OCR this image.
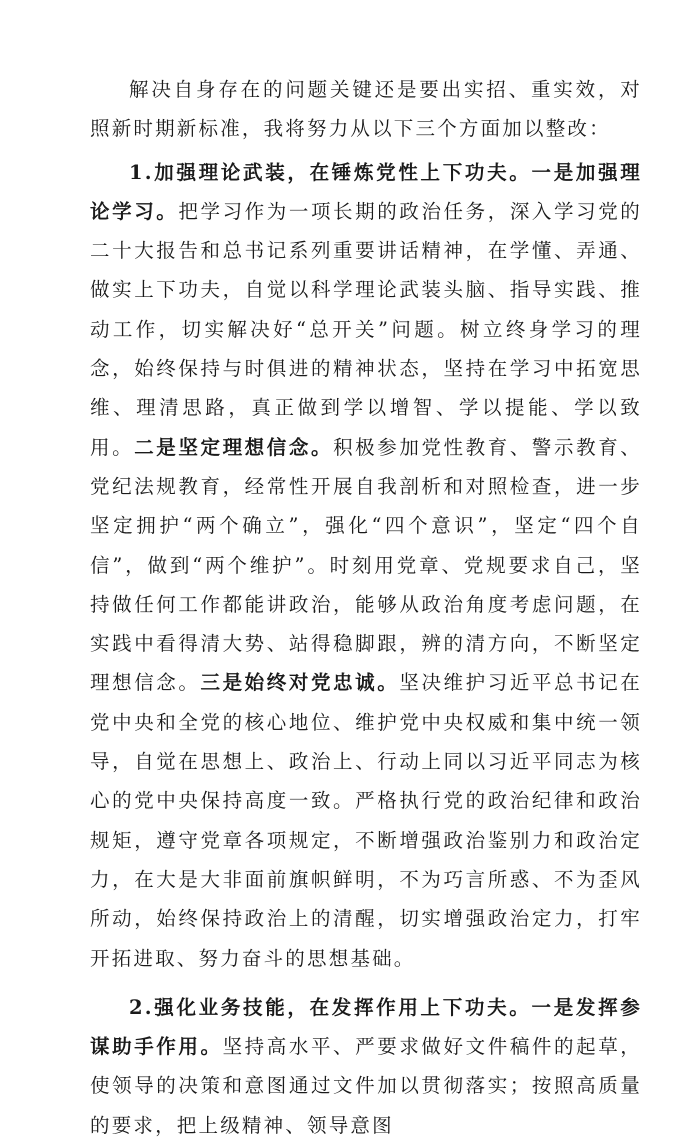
解决自身存在的问题关键还是要出实招、重实效，对照新时期新标准，我将努力从以下三个方面加以整改：

1.加强理论武装，在锤炼党性上下功夫。一是加强理论学习。把学习作为一项长期的政治任务，深入学习党的二十大报告和总书记系列重要讲话精神，在学懂、弄通、做实上下功夫，自觉以科学理论武装头脑、指导实践、推动工作，切实解决好“总开关”问题。树立终身学习的理念，始终保持与时俱进的精神状态，坚持在学习中拓宽思维、理清思路，真正做到学以增智、学以提能、学以致用。二是坚定理想信念。积极参加党性教育、警示教育、党纪法规教育，经常性开展自我剖析和对照检查，进一步坚定拥护“两个确立”，强化“四个意识”，坚定“四个自信”，做到“两个维护”。时刻用党章、党规要求自己，坚持做任何工作都能讲政治，能够从政治角度考虑问题，在实践中看得清大势、站得稳脚跟，辨的清方向，不断坚定理想信念。三是始终对党忠诚。坚决维护习近平总书记在党中央和全党的核心地位、维护党中央权威和集中统一领导，自觉在思想上、政治上、行动上同以习近平同志为核心的党中央保持高度一致。严格执行党的政治纪律和政治规矩，遵守党章各项规定，不断增强政治鉴别力和政治定力，在大是大非面前旗帜鲜明，不为巧言所惑、不为歪风所动，始终保持政治上的清醒，切实增强政治定力，打牢开拓进取、努力奋斗的思想基础。

2.强化业务技能，在发挥作用上下功夫。一是发挥参谋助手作用。坚持高水平、严要求做好文件稿件的起草，使领导的决策和意图通过文件加以贯彻落实；按照高质量的要求，把上级精神、领导意图
